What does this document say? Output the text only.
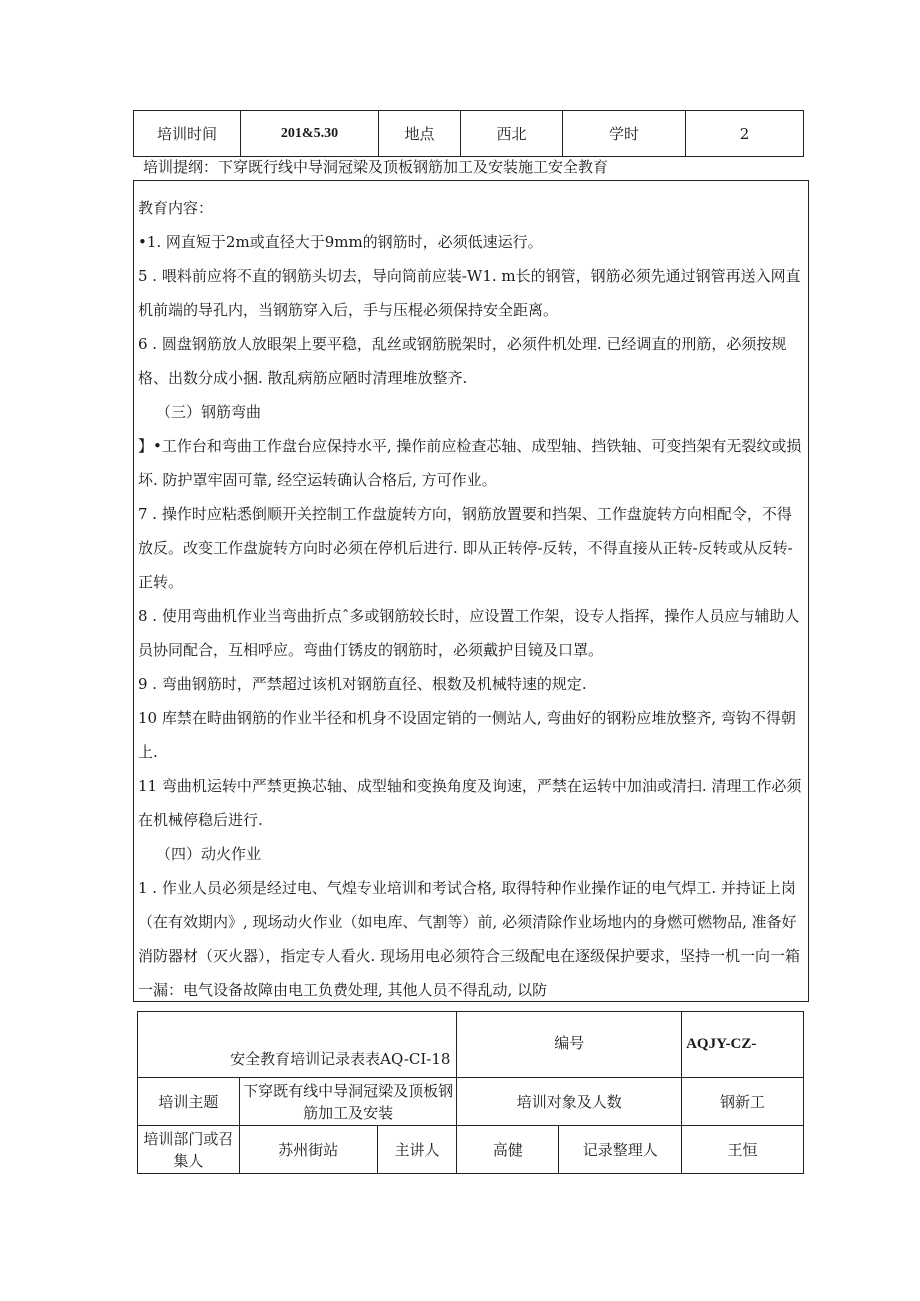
培训时间	201&5.30	地点	西北	学时	2
培训提纲：下穿既行线中导洞冠梁及顶板钢筋加工及安装施工安全教育

教育内容：

•1. 网直短于2m或直径大于9mm的钢筋时，必须低速运行。

5 . 喂料前应将不直的钢筋头切去，导向筒前应装-W1. m长的钢管，钢筋必须先通过钢管再送入网直机前端的导孔内，当钢筋穿入后，手与压棍必须保持安全距离。

6 . 圆盘钢筋放人放眼架上要平稳，乱丝或钢筋脱架时，必须件机处理. 已经调直的刑筋，必须按规格、出数分成小捆. 散乱病筋应陋时清理堆放整齐.

（三）钢筋弯曲

】•工作台和弯曲工作盘台应保持水平, 操作前应检查芯轴、成型轴、挡铁轴、可变挡架有无裂纹或损坏. 防护罩牢固可靠, 经空运转确认合格后, 方可作业。

7 . 操作时应粘悉倒顺开关控制工作盘旋转方向，钢筋放置要和挡架、工作盘旋转方向相配令，不得放反。改变工作盘旋转方向时必须在停机后进行. 即从正转停-反转，不得直接从正转-反转或从反转-正转。

8 . 使用弯曲机作业当弯曲折点ˆ多或钢筋较长时，应设置工作架，设专人指挥，操作人员应与辅助人员协同配合，互相呼应。弯曲仃锈皮的钢筋时，必须戴护目镜及口罩。

9 . 弯曲钢筋时，严禁超过该机对钢筋直径、根数及机械特速的规定.

10 库禁在畤曲钢筋的作业半径和机身不设固定销的一侧站人, 弯曲好的钢粉应堆放整齐, 弯钩不得朝上.

11 弯曲机运转中严禁更换芯轴、成型轴和变换角度及询速，严禁在运转中加油或清扫. 清理工作必须在机械停稳后进行.

（四）动火作业

1 . 作业人员必须是经过电、气煌专业培训和考试合格, 取得特种作业操作证的电气焊工. 并持证上岗（在有效期内》, 现场动火作业（如电库、气割等）前, 必须清除作业场地内的身燃可燃物品, 准备好消防器材（灭火器），指定专人看火. 现场用电必须符合三级配电在逐级保护要求，坚持一机一向一箱一漏：电气设备故障由电工负费处理, 其他人员不得乱动, 以防

安全教育培训记录表表AQ-CI-18			编号		AQJY-CZ-
培训主题	下穿既有线中导洞冠梁及顶板钢筋加工及安装		培训对象及人数		钢新工
培训部门或召集人	苏州街站	主讲人	高健	记录整理人	王恒
